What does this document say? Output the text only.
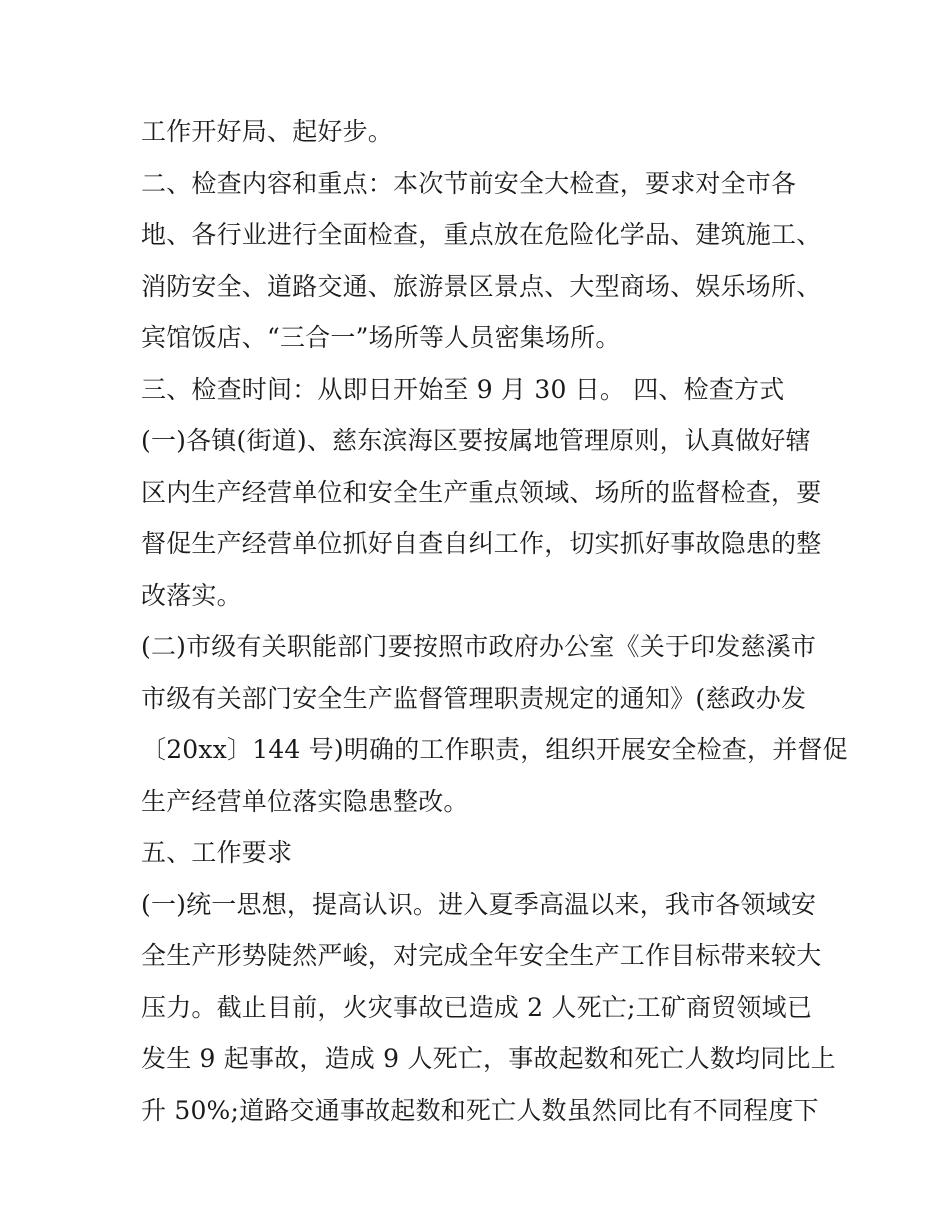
工作开好局、起好步。
二、检查内容和重点：本次节前安全大检查，要求对全市各
地、各行业进行全面检查，重点放在危险化学品、建筑施工、
消防安全、道路交通、旅游景区景点、大型商场、娱乐场所、
宾馆饭店、“三合一”场所等人员密集场所。
三、检查时间：从即日开始至 9 月 30 日。 四、检查方式
(一)各镇(街道)、慈东滨海区要按属地管理原则，认真做好辖
区内生产经营单位和安全生产重点领域、场所的监督检查，要
督促生产经营单位抓好自查自纠工作，切实抓好事故隐患的整
改落实。
(二)市级有关职能部门要按照市政府办公室《关于印发慈溪市
市级有关部门安全生产监督管理职责规定的通知》(慈政办发
〔20xx〕144 号)明确的工作职责，组织开展安全检查，并督促
生产经营单位落实隐患整改。
五、工作要求
(一)统一思想，提高认识。进入夏季高温以来，我市各领域安
全生产形势陡然严峻，对完成全年安全生产工作目标带来较大
压力。截止目前，火灾事故已造成 2 人死亡;工矿商贸领域已
发生 9 起事故，造成 9 人死亡，事故起数和死亡人数均同比上
升 50%;道路交通事故起数和死亡人数虽然同比有不同程度下
